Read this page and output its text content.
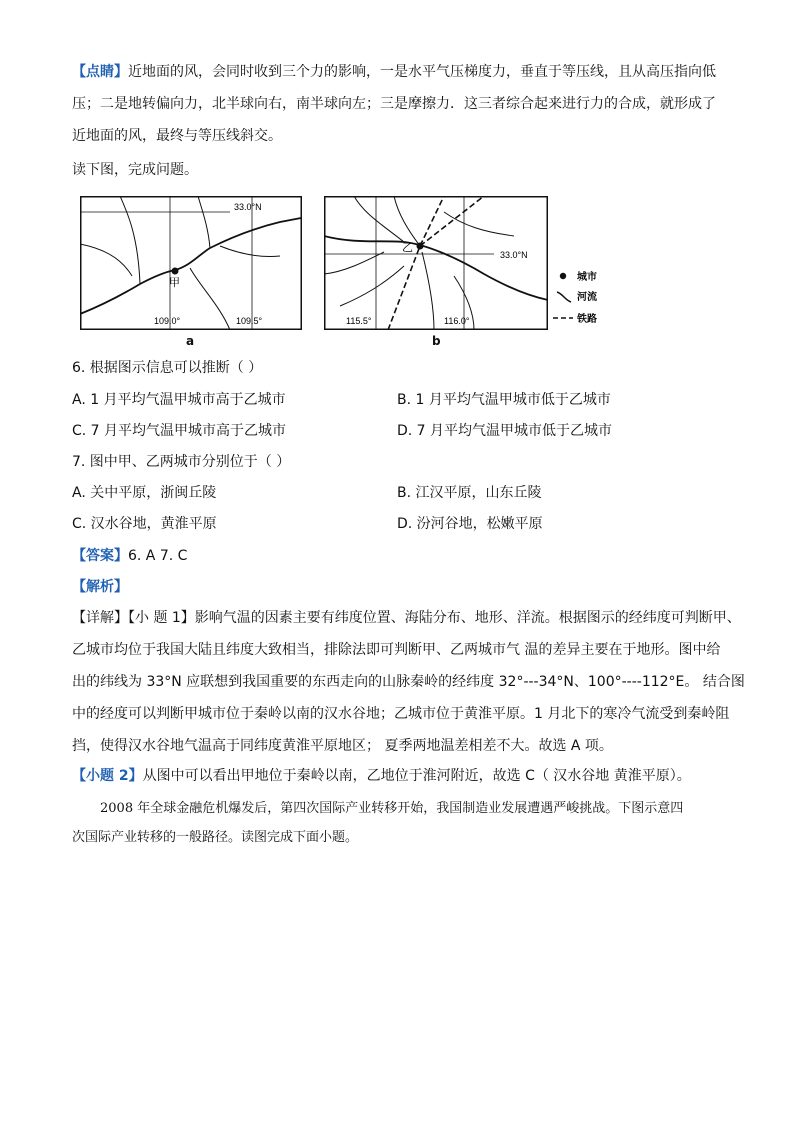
【点睛】近地面的风，会同时收到三个力的影响，一是水平气压梯度力，垂直于等压线，且从高压指向低
压；二是地转偏向力，北半球向右，南半球向左；三是摩擦力．这三者综合起来进行力的合成，就形成了
近地面的风，最终与等压线斜交。
读下图，完成问题。
甲
33.0°N
109.0°	109.5°
a
乙
33.0°N
115.5°	116.0°
b
城市
河流
铁路
6. 根据图示信息可以推断（ ）
A. 1 月平均气温甲城市高于乙城市	B. 1 月平均气温甲城市低于乙城市
C. 7 月平均气温甲城市高于乙城市	D. 7 月平均气温甲城市低于乙城市
7. 图中甲、乙两城市分别位于（ ）
A. 关中平原，浙闽丘陵	B. 江汉平原，山东丘陵
C. 汉水谷地，黄淮平原	D. 汾河谷地，松嫩平原
【答案】6. A 7. C
【解析】
【详解】【小 题 1】影响气温的因素主要有纬度位置、海陆分布、地形、洋流。根据图示的经纬度可判断甲、
乙城市均位于我国大陆且纬度大致相当，排除法即可判断甲、乙两城市气 温的差异主要在于地形。图中给
出的纬线为 33°N 应联想到我国重要的东西走向的山脉秦岭的经纬度 32°---34°N、100°----112°E。 结合图
中的经度可以判断甲城市位于秦岭以南的汉水谷地；乙城市位于黄淮平原。1 月北下的寒冷气流受到秦岭阻
挡，使得汉水谷地气温高于同纬度黄淮平原地区； 夏季两地温差相差不大。故选 A 项。
【小题 2】从图中可以看出甲地位于秦岭以南，乙地位于淮河附近，故选 C（ 汉水谷地 黄淮平原）。
2008 年全球金融危机爆发后，第四次国际产业转移开始，我国制造业发展遭遇严峻挑战。下图示意四
次国际产业转移的一般路径。读图完成下面小题。
